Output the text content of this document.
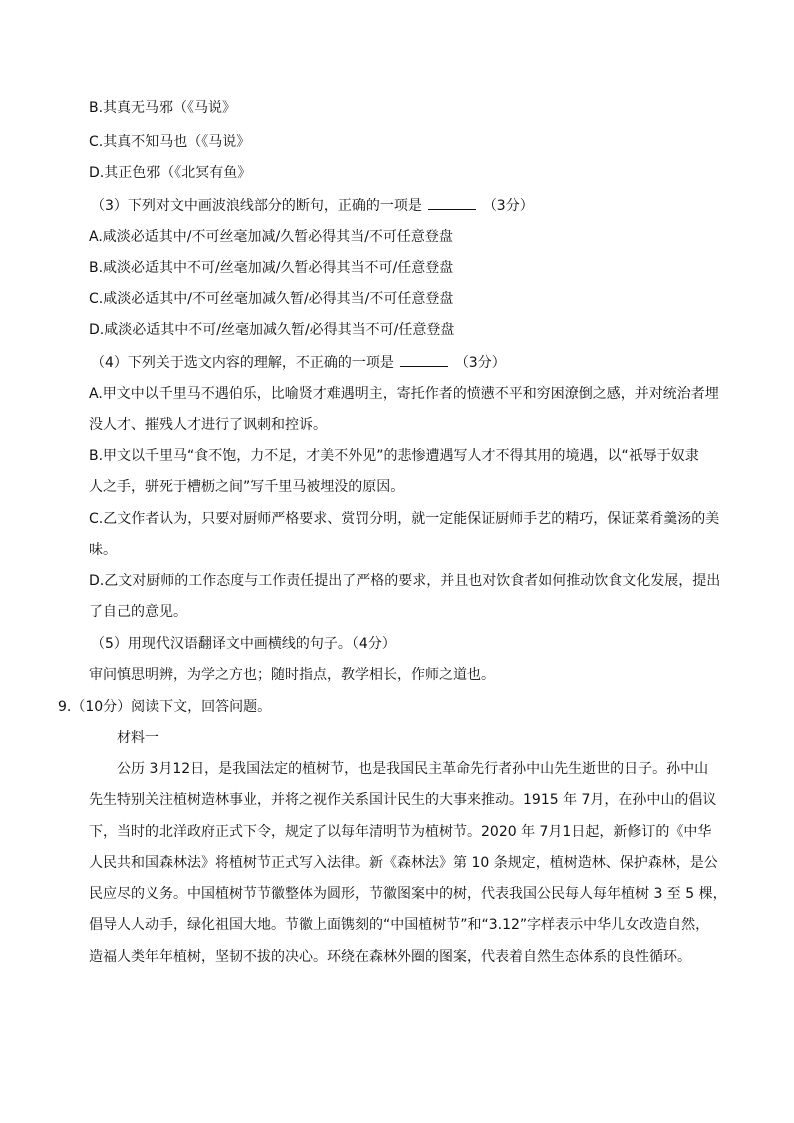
B.其真无马邪（《马说》
C.其真不知马也（《马说》
D.其正色邪（《北冥有鱼》
（3）下列对文中画波浪线部分的断句，正确的一项是	（3分）
A.咸淡必适其中/不可丝毫加减/久暂必得其当/不可任意登盘
B.咸淡必适其中不可/丝毫加减/久暂必得其当不可/任意登盘
C.咸淡必适其中/不可丝毫加减久暂/必得其当/不可任意登盘
D.咸淡必适其中不可/丝毫加减久暂/必得其当不可/任意登盘
（4）下列关于选文内容的理解，不正确的一项是	（3分）
A.甲文中以千里马不遇伯乐，比喻贤才难遇明主，寄托作者的愤懑不平和穷困潦倒之感，并对统治者埋
没人才、摧残人才进行了讽刺和控诉。
B.甲文以千里马“食不饱，力不足，才美不外见”的悲惨遭遇写人才不得其用的境遇，以“祇辱于奴隶
人之手，骈死于槽枥之间”写千里马被埋没的原因。
C.乙文作者认为，只要对厨师严格要求、赏罚分明，就一定能保证厨师手艺的精巧，保证菜肴羹汤的美
味。
D.乙文对厨师的工作态度与工作责任提出了严格的要求，并且也对饮食者如何推动饮食文化发展，提出
了自己的意见。
（5）用现代汉语翻译文中画横线的句子。（4分）
审问慎思明辨，为学之方也；随时指点，教学相长，作师之道也。
9.（10分）阅读下文，回答问题。
材料一
公历 3月12日，是我国法定的植树节，也是我国民主革命先行者孙中山先生逝世的日子。孙中山
先生特别关注植树造林事业，并将之视作关系国计民生的大事来推动。1915 年 7月，在孙中山的倡议
下，当时的北洋政府正式下令，规定了以每年清明节为植树节。2020 年 7月1日起，新修订的《中华
人民共和国森林法》将植树节正式写入法律。新《森林法》第 10 条规定，植树造林、保护森林，是公
民应尽的义务。中国植树节节徽整体为圆形，节徽图案中的树，代表我国公民每人每年植树 3 至 5 棵，
倡导人人动手，绿化祖国大地。节徽上面镌刻的“中国植树节”和“3.12”字样表示中华儿女改造自然，
造福人类年年植树，坚韧不拔的决心。环绕在森林外圈的图案，代表着自然生态体系的良性循环。
